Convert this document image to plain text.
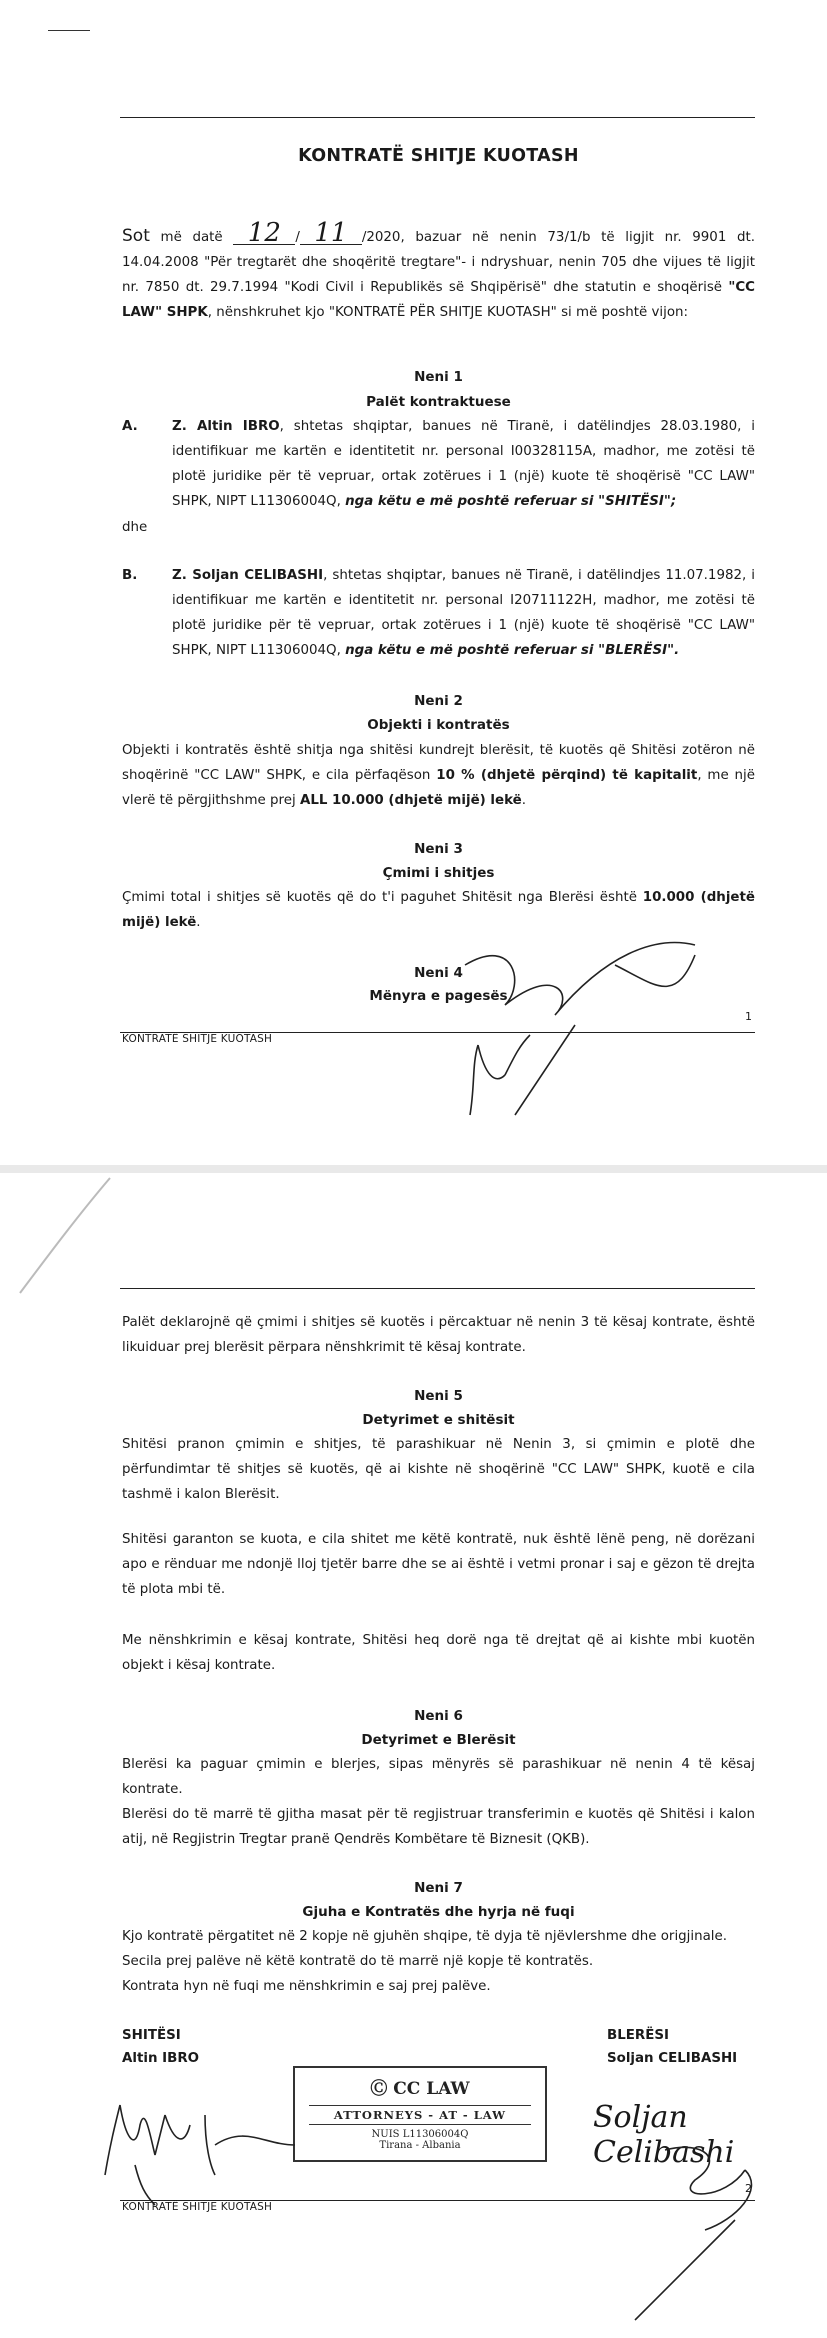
KONTRATË SHITJE KUOTASH
Sot më datë 12 / 11 /2020, bazuar në nenin 73/1/b të ligjit nr. 9901 dt. 14.04.2008 "Për tregtarët dhe shoqëritë tregtare"- i ndryshuar, nenin 705 dhe vijues të ligjit nr. 7850 dt. 29.7.1994 "Kodi Civil i Republikës së Shqipërisë" dhe statutin e shoqërisë "CC LAW" SHPK, nënshkruhet kjo "KONTRATË PËR SHITJE KUOTASH" si më poshtë vijon:
Neni 1
Palët kontraktuese
A.	Z. Altin IBRO, shtetas shqiptar, banues në Tiranë, i datëlindjes 28.03.1980, i identifikuar me kartën e identitetit nr. personal I00328115A, madhor, me zotësi të plotë juridike për të vepruar, ortak zotërues i 1 (një) kuote të shoqërisë "CC LAW" SHPK, NIPT L11306004Q, nga këtu e më poshtë referuar si "SHITËSI";
dhe
B.	Z. Soljan CELIBASHI, shtetas shqiptar, banues në Tiranë, i datëlindjes 11.07.1982, i identifikuar me kartën e identitetit nr. personal I20711122H, madhor, me zotësi të plotë juridike për të vepruar, ortak zotërues i 1 (një) kuote të shoqërisë "CC LAW" SHPK, NIPT L11306004Q, nga këtu e më poshtë referuar si "BLERËSI".
Neni 2
Objekti i kontratës
Objekti i kontratës është shitja nga shitësi kundrejt blerësit, të kuotës që Shitësi zotëron në shoqërinë "CC LAW" SHPK, e cila përfaqëson 10 % (dhjetë përqind) të kapitalit, me një vlerë të përgjithshme prej ALL 10.000 (dhjetë mijë) lekë.
Neni 3
Çmimi i shitjes
Çmimi total i shitjes së kuotës që do t'i paguhet Shitësit nga Blerësi është 10.000 (dhjetë mijë) lekë.
Neni 4
Mënyra e pagesës
KONTRATË SHITJE KUOTASH
1
Palët deklarojnë që çmimi i shitjes së kuotës i përcaktuar në nenin 3 të kësaj kontrate, është likuiduar prej blerësit përpara nënshkrimit të kësaj kontrate.
Neni 5
Detyrimet e shitësit
Shitësi pranon çmimin e shitjes, të parashikuar në Nenin 3, si çmimin e plotë dhe përfundimtar të shitjes së kuotës, që ai kishte në shoqërinë "CC LAW" SHPK, kuotë e cila tashmë i kalon Blerësit.
Shitësi garanton se kuota, e cila shitet me këtë kontratë, nuk është lënë peng, në dorëzani apo e rënduar me ndonjë lloj tjetër barre dhe se ai është i vetmi pronar i saj e gëzon të drejta të plota mbi të.
Me nënshkrimin e kësaj kontrate, Shitësi heq dorë nga të drejtat që ai kishte mbi kuotën objekt i kësaj kontrate.
Neni 6
Detyrimet e Blerësit
Blerësi ka paguar çmimin e blerjes, sipas mënyrës së parashikuar në nenin 4 të kësaj kontrate.
Blerësi do të marrë të gjitha masat për të regjistruar transferimin e kuotës që Shitësi i kalon atij, në Regjistrin Tregtar pranë Qendrës Kombëtare të Biznesit (QKB).
Neni 7
Gjuha e Kontratës dhe hyrja në fuqi
Kjo kontratë përgatitet në 2 kopje në gjuhën shqipe, të dyja të njëvlershme dhe origjinale.
Secila prej palëve në këtë kontratë do të marrë një kopje të kontratës.
Kontrata hyn në fuqi me nënshkrimin e saj prej palëve.
SHITËSI
Altin IBRO
BLERËSI
Soljan CELIBASHI
Ⓒ CC LAW
ATTORNEYS - AT - LAW
NUIS L11306004Q
Tirana - Albania
Soljan Celibashi
KONTRATË SHITJE KUOTASH
2
